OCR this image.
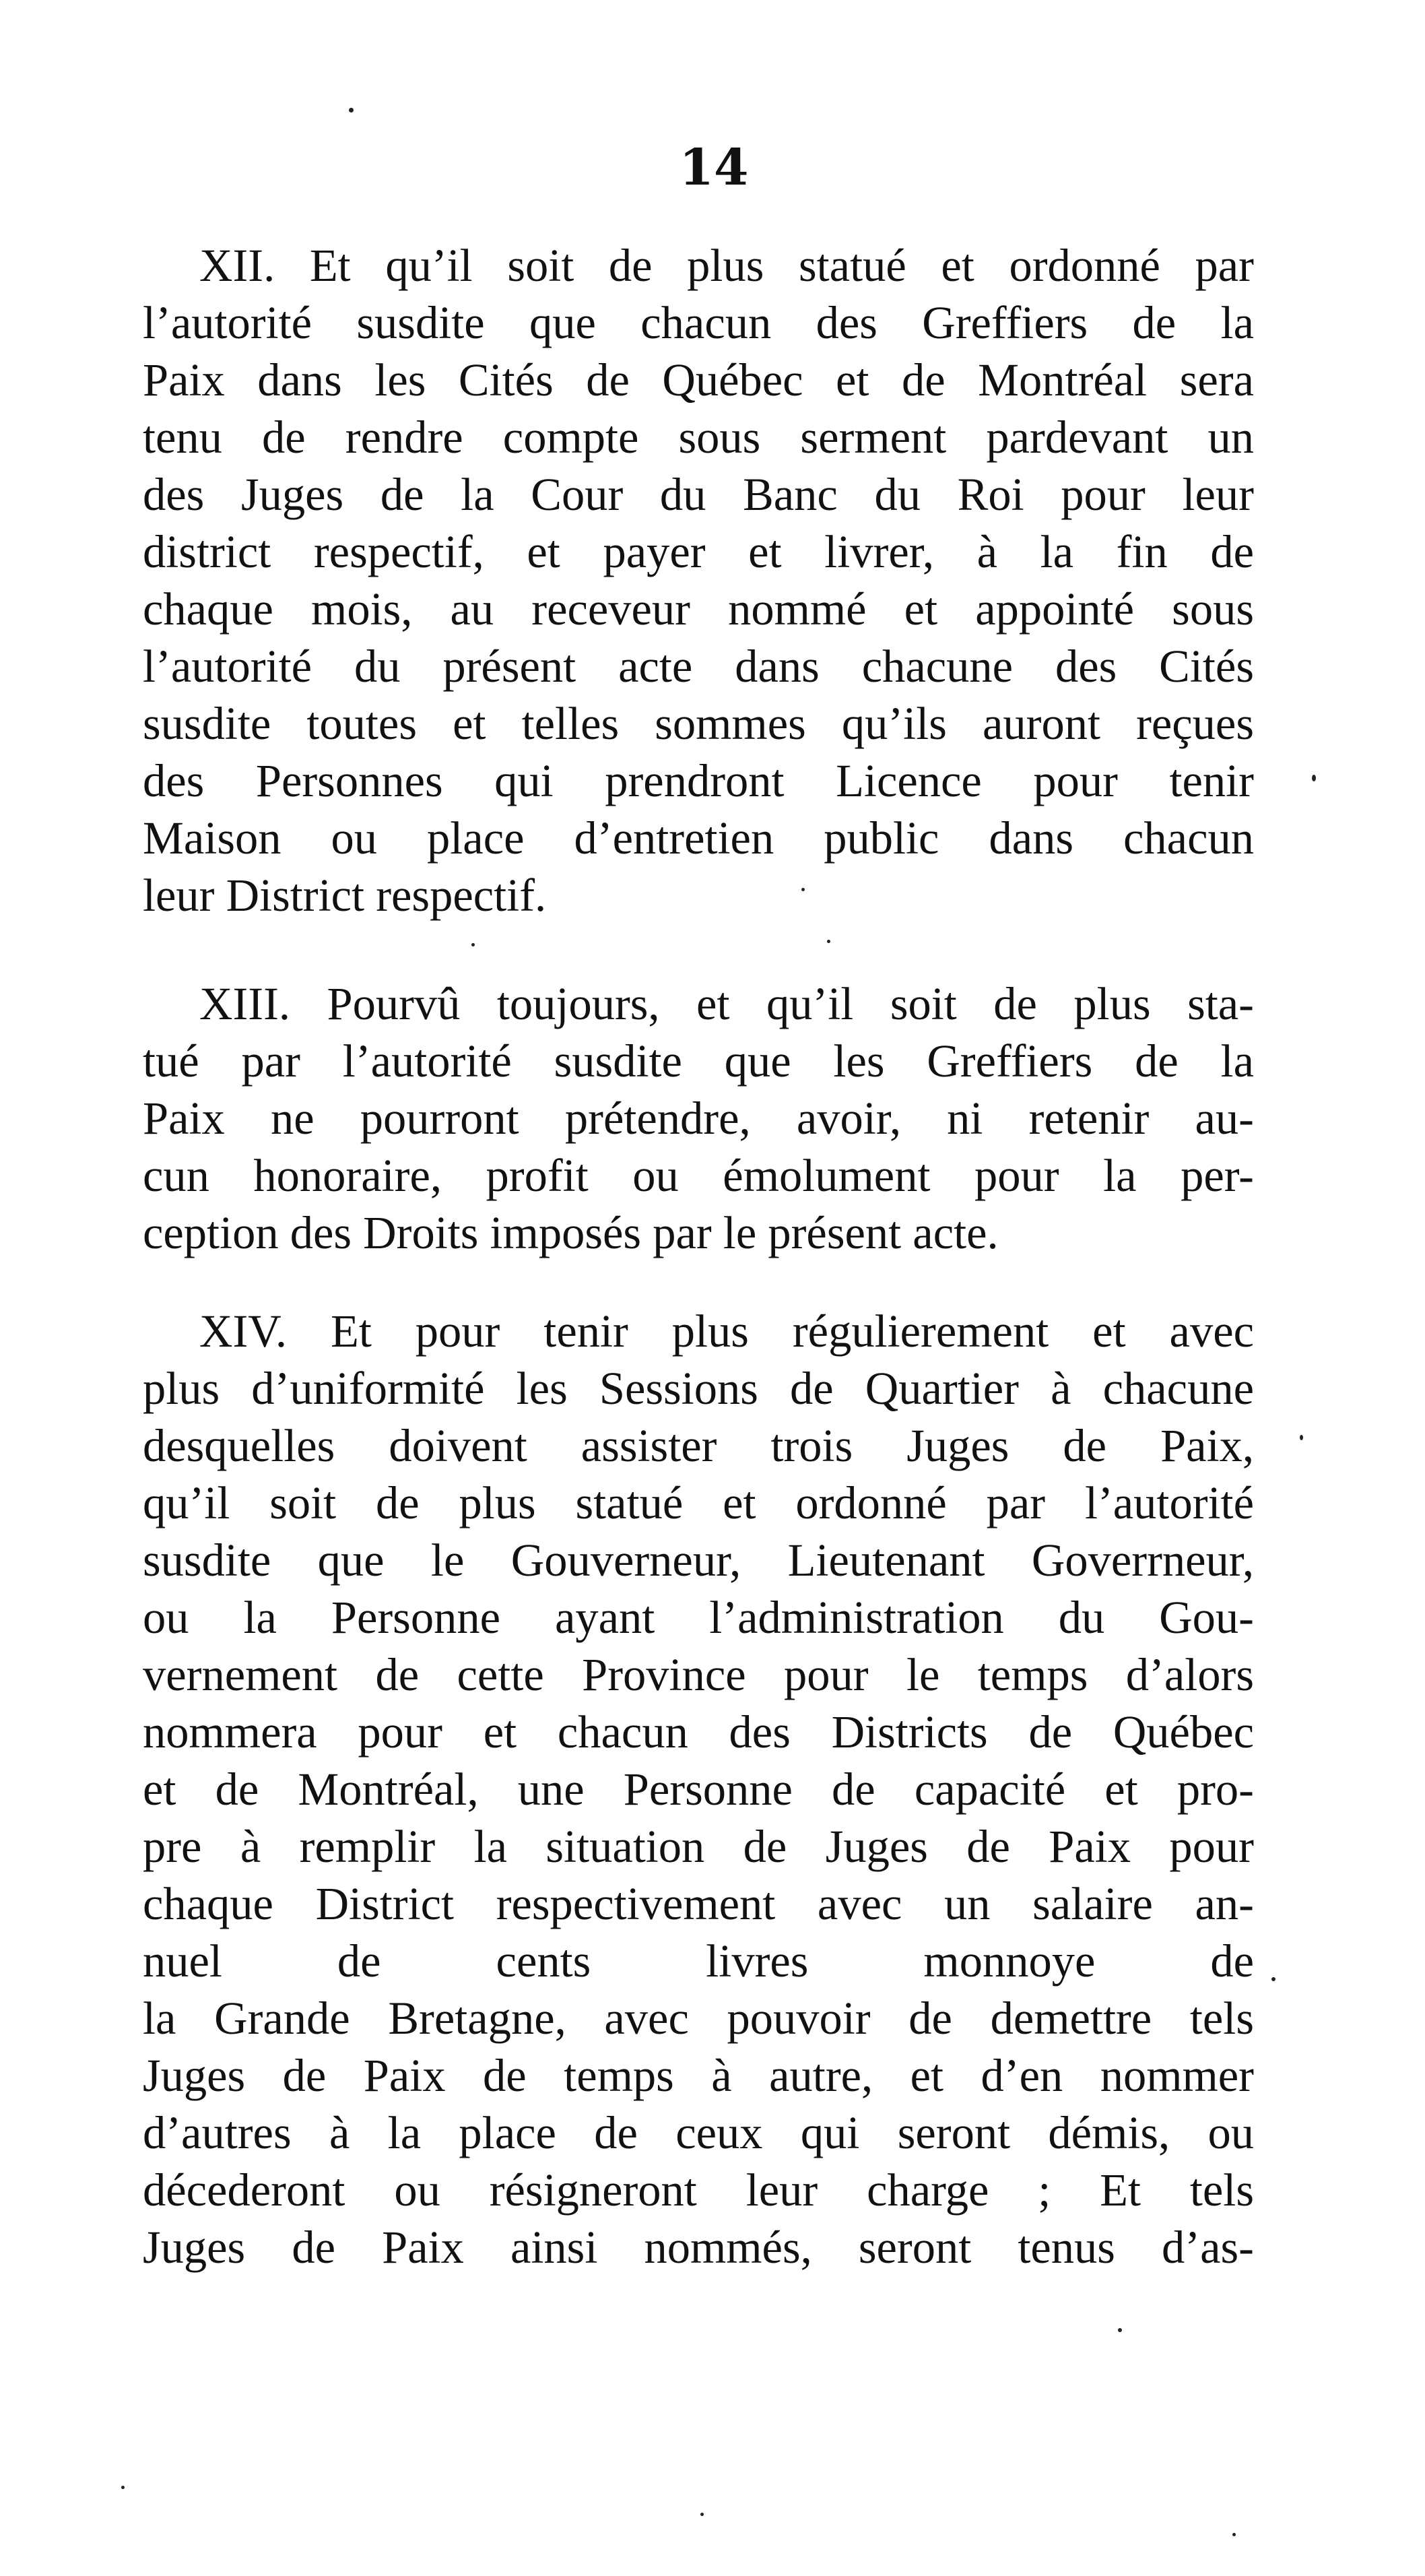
14
XII. Et qu’il soit de plus statué et ordonné par
l’autorité susdite que chacun des Greffiers de la
Paix dans les Cités de Québec et de Montréal sera
tenu de rendre compte sous serment pardevant un
des Juges de la Cour du Banc du Roi pour leur
district respectif, et payer et livrer, à la fin de
chaque mois, au receveur nommé et appointé sous
l’autorité du présent acte dans chacune des Cités
susdite toutes et telles sommes qu’ils auront reçues
des Personnes qui prendront Licence pour tenir
Maison ou place d’entretien public dans chacun
leur District respectif.
XIII. Pourvû toujours, et qu’il soit de plus sta-
tué par l’autorité susdite que les Greffiers de la
Paix ne pourront prétendre, avoir, ni retenir au-
cun honoraire, profit ou émolument pour la per-
ception des Droits imposés par le présent acte.
XIV. Et pour tenir plus régulierement et avec
plus d’uniformité les Sessions de Quartier à chacune
desquelles doivent assister trois Juges de Paix,
qu’il soit de plus statué et ordonné par l’autorité
susdite que le Gouverneur, Lieutenant Goverrneur,
ou la Personne ayant l’administration du Gou-
vernement de cette Province pour le temps d’alors
nommera pour et chacun des Districts de Québec
et de Montréal, une Personne de capacité et pro-
pre à remplir la situation de Juges de Paix pour
chaque District respectivement avec un salaire an-
nuel de cents livres monnoye de
la Grande Bretagne, avec pouvoir de demettre tels
Juges de Paix de temps à autre, et d’en nommer
d’autres à la place de ceux qui seront démis, ou
décederont ou résigneront leur charge ; Et tels
Juges de Paix ainsi nommés, seront tenus d’as-
